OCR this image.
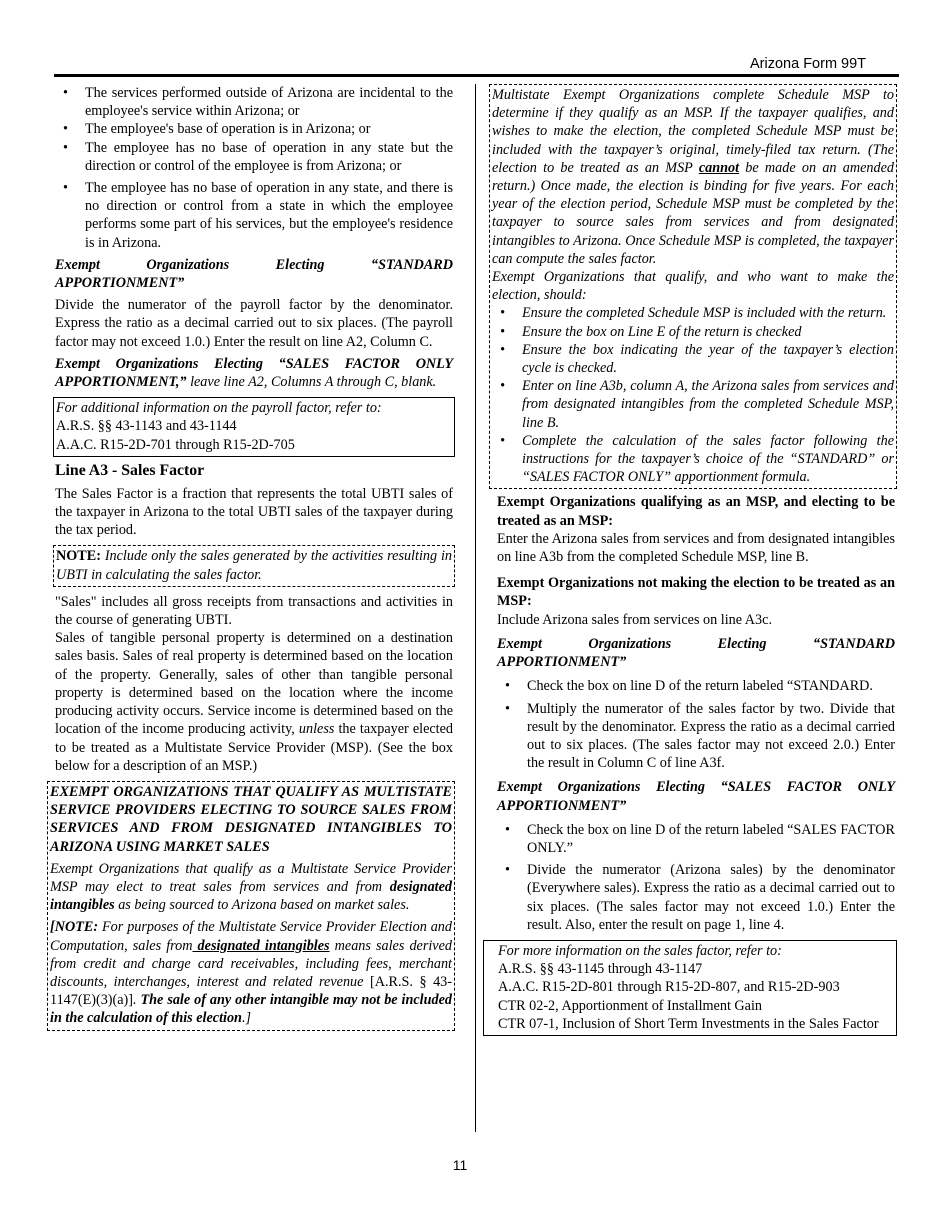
Arizona Form 99T
• The services performed outside of Arizona are incidental to the employee's service within Arizona; or
• The employee's base of operation is in Arizona; or
• The employee has no base of operation in any state but the direction or control of the employee is from Arizona; or
• The employee has no base of operation in any state, and there is no direction or control from a state in which the employee performs some part of his services, but the employee's residence is in Arizona.

Exempt Organizations Electing “STANDARD APPORTIONMENT”

Divide the numerator of the payroll factor by the denominator. Express the ratio as a decimal carried out to six places. (The payroll factor may not exceed 1.0.) Enter the result on line A2, Column C.

Exempt Organizations Electing “SALES FACTOR ONLY APPORTIONMENT,” leave line A2, Columns A through C, blank.

For additional information on the payroll factor, refer to:

A.R.S. §§ 43-1143 and 43-1144

A.A.C. R15-2D-701 through R15-2D-705

Line A3 - Sales Factor

The Sales Factor is a fraction that represents the total UBTI sales of the taxpayer in Arizona to the total UBTI sales of the taxpayer during the tax period.

NOTE: Include only the sales generated by the activities resulting in UBTI in calculating the sales factor.

"Sales" includes all gross receipts from transactions and activities in the course of generating UBTI.

Sales of tangible personal property is determined on a destination sales basis. Sales of real property is determined based on the location of the property. Generally, sales of other than tangible personal property is determined based on the location where the income producing activity occurs. Service income is determined based on the location of the income producing activity, unless the taxpayer elected to be treated as a Multistate Service Provider (MSP). (See the box below for a description of an MSP.)

EXEMPT ORGANIZATIONS THAT QUALIFY AS MULTISTATE SERVICE PROVIDERS ELECTING TO SOURCE SALES FROM SERVICES AND FROM DESIGNATED INTANGIBLES TO ARIZONA USING MARKET SALES

Exempt Organizations that qualify as a Multistate Service Provider MSP may elect to treat sales from services and from designated intangibles as being sourced to Arizona based on market sales.

[NOTE: For purposes of the Multistate Service Provider Election and Computation, sales from designated intangibles means sales derived from credit and charge card receivables, including fees, merchant discounts, interchanges, interest and related revenue [A.R.S. § 43-1147(E)(3)(a)]. The sale of any other intangible may not be included in the calculation of this election.]

Multistate Exempt Organizations complete Schedule MSP to determine if they qualify as an MSP. If the taxpayer qualifies, and wishes to make the election, the completed Schedule MSP must be included with the taxpayer’s original, timely-filed tax return. (The election to be treated as an MSP cannot be made on an amended return.) Once made, the election is binding for five years. For each year of the election period, Schedule MSP must be completed by the taxpayer to source sales from services and from designated intangibles to Arizona. Once Schedule MSP is completed, the taxpayer can compute the sales factor.

Exempt Organizations that qualify, and who want to make the election, should:

• Ensure the completed Schedule MSP is included with the return.
• Ensure the box on Line E of the return is checked
• Ensure the box indicating the year of the taxpayer’s election cycle is checked.
• Enter on line A3b, column A, the Arizona sales from services and from designated intangibles from the completed Schedule MSP, line B.
• Complete the calculation of the sales factor following the instructions for the taxpayer’s choice of the “STANDARD” or “SALES FACTOR ONLY” apportionment formula.

Exempt Organizations qualifying as an MSP, and electing to be treated as an MSP:

Enter the Arizona sales from services and from designated intangibles on line A3b from the completed Schedule MSP, line B.

Exempt Organizations not making the election to be treated as an MSP:

Include Arizona sales from services on line A3c.

Exempt Organizations Electing “STANDARD APPORTIONMENT”

• Check the box on line D of the return labeled “STANDARD.
• Multiply the numerator of the sales factor by two. Divide that result by the denominator. Express the ratio as a decimal carried out to six places. (The sales factor may not exceed 2.0.) Enter the result in Column C of line A3f.

Exempt Organizations Electing “SALES FACTOR ONLY APPORTIONMENT”

• Check the box on line D of the return labeled “SALES FACTOR ONLY.”
• Divide the numerator (Arizona sales) by the denominator (Everywhere sales). Express the ratio as a decimal carried out to six places. (The sales factor may not exceed 1.0.) Enter the result. Also, enter the result on page 1, line 4.

For more information on the sales factor, refer to:

A.R.S. §§ 43-1145 through 43-1147

A.A.C. R15-2D-801 through R15-2D-807, and R15-2D-903

CTR 02-2, Apportionment of Installment Gain

CTR 07-1, Inclusion of Short Term Investments in the Sales Factor

11
